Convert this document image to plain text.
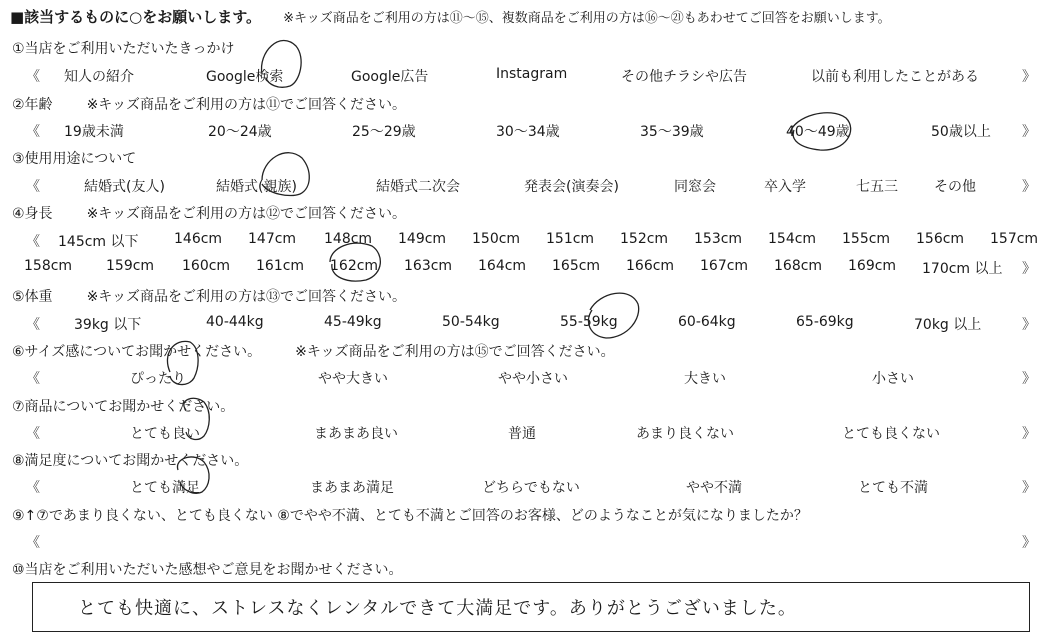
■該当するものに○をお願いします。 ※キッズ商品をご利用の方は⑪〜⑮、複数商品をご利用の方は⑯〜㉑もあわせてご回答をお願いします。
①当店をご利用いただいたきっかけ
《 知人の紹介	Google検索	Google広告	Instagram	その他チラシや広告	以前も利用したことがある	》
②年齢 ※キッズ商品をご利用の方は⑪でご回答ください。
《 19歳未満	20〜24歳	25〜29歳	30〜34歳	35〜39歳	40〜49歳	50歳以上 》
③使用用途について
《	結婚式(友人)	結婚式(親族)	結婚式二次会	発表会(演奏会)	同窓会	卒入学	七五三	その他	》
④身長 ※キッズ商品をご利用の方は⑫でご回答ください。
《 145cm 以下	146cm 147cm 148cm 149cm 150cm 151cm 152cm 153cm 154cm 155cm 156cm 157cm
158cm 159cm 160cm 161cm 162cm 163cm 164cm 165cm 166cm 167cm 168cm 169cm 170cm 以上 》
⑤体重 ※キッズ商品をご利用の方は⑬でご回答ください。
《 39kg 以下	40-44kg	45-49kg	50-54kg	55-59kg	60-64kg	65-69kg	70kg 以上	》
⑥サイズ感についてお聞かせください。 ※キッズ商品をご利用の方は⑮でご回答ください。
《	ぴったり	やや大きい	やや小さい	大きい	小さい	》
⑦商品についてお聞かせください。
《	とても良い	まあまあ良い	普通	あまり良くない	とても良くない	》
⑧満足度についてお聞かせください。
《	とても満足	まあまあ満足	どちらでもない	やや不満	とても不満	》
⑨↑⑦であまり良くない、とても良くない ⑧でやや不満、とても不満とご回答のお客様、どのようなことが気になりましたか？
《	》
⑩当店をご利用いただいた感想やご意見をお聞かせください。
とても快適に、ストレスなくレンタルできて大満足です。ありがとうございました。
